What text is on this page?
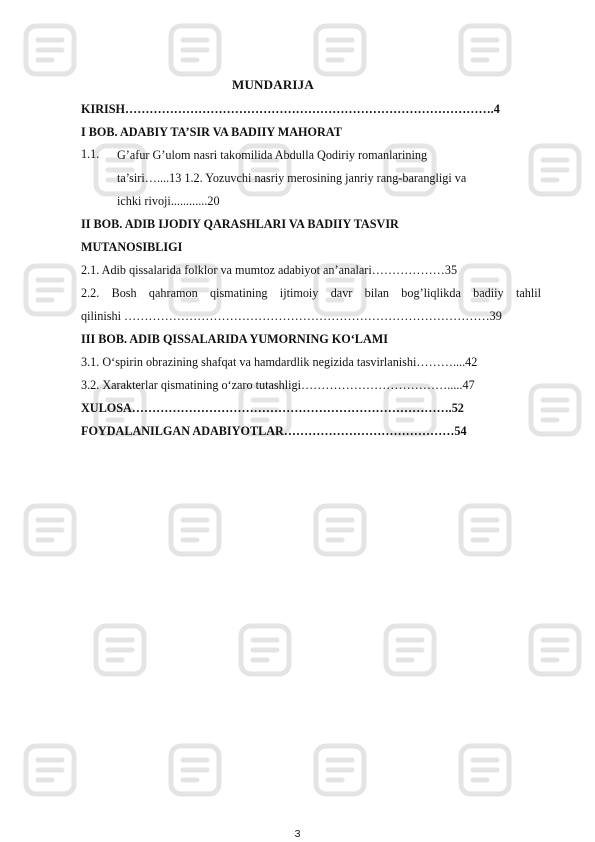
MUNDARIJA
KIRISH……………………………………………………………………………….4
I BOB. ADABIY TA’SIR VA BADIIY MAHORAT
1.1. G’afur G’ulom nasri takomilida Abdulla Qodiriy romanlarining
ta’siri…....13 1.2. Yozuvchi nasriy merosining janriy rang-barangligi va
ichki rivoji............20
II BOB. ADIB IJODIY QARASHLARI VA BADIIY TASVIR
MUTANOSIBLIGI
2.1. Adib qissalarida folklor va mumtoz adabiyot an’analari………………35
2.2.  Bosh  qahramon  qismatining  ijtimoiy  davr  bilan  bog’liqlikda  badiiy  tahlil
qilinishi ………………………………………………………………………………39
III BOB. ADIB QISSALARIDA YUMORNING KO‘LAMI
3.1. O‘spirin obrazining shafqat va hamdardlik negizida tasvirlanishi………....42
3.2. Xarakterlar qismatining o‘zaro tutashligi……………………………….....47
XULOSA…………………………………………………………………….52
FOYDALANILGAN ADABIYOTLAR……………………………………54
3
